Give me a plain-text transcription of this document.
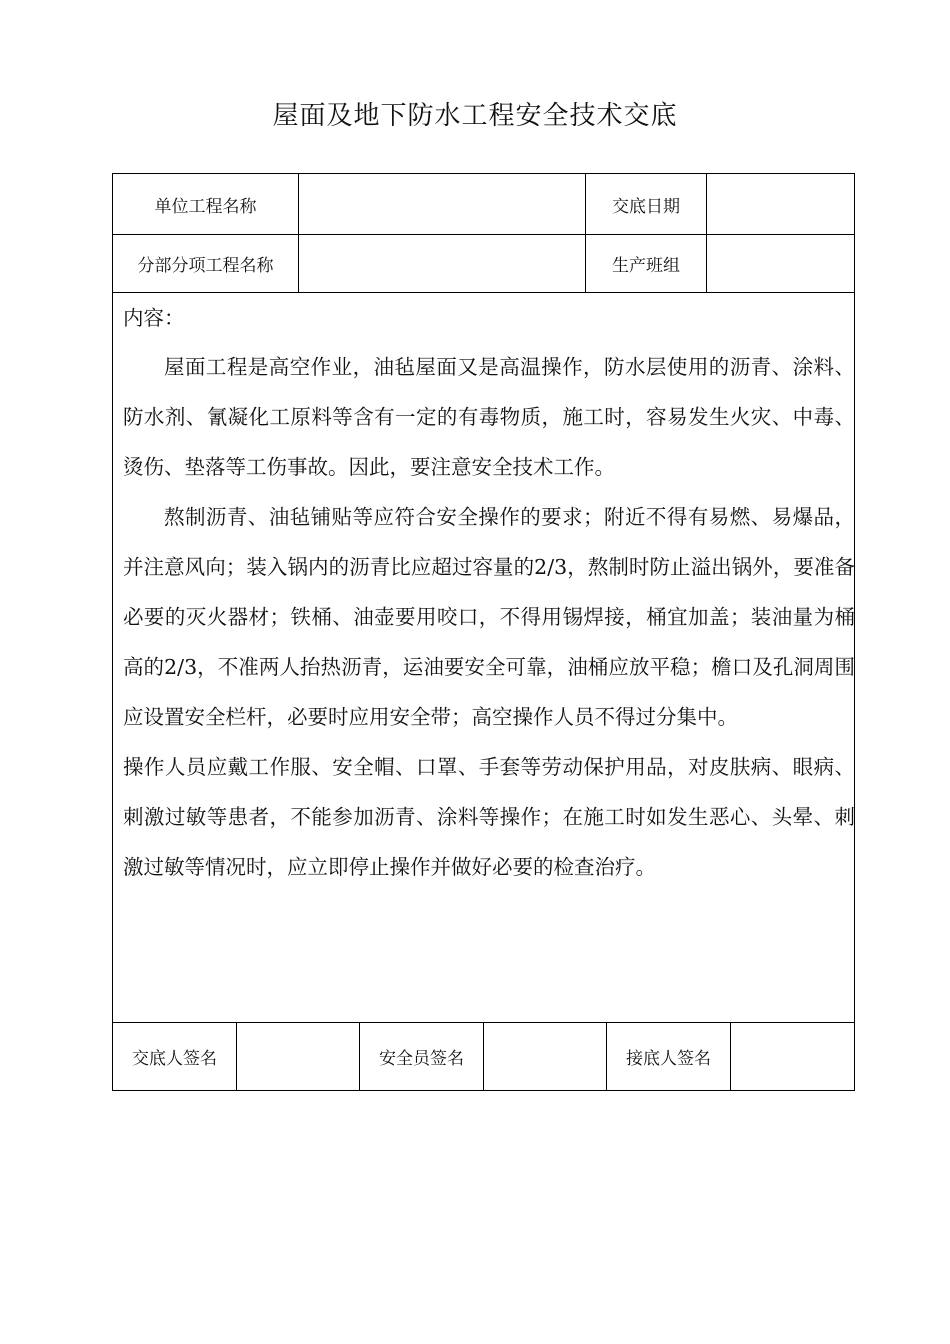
屋面及地下防水工程安全技术交底
单位工程名称	交底日期
分部分项工程名称	生产班组

内容：

屋面工程是高空作业，油毡屋面又是高温操作，防水层使用的沥青、涂料、防水剂、氰凝化工原料等含有一定的有毒物质，施工时，容易发生火灾、中毒、烫伤、垫落等工伤事故。因此，要注意安全技术工作。

熬制沥青、油毡铺贴等应符合安全操作的要求；附近不得有易燃、易爆品，并注意风向；装入锅内的沥青比应超过容量的2/3，熬制时防止溢出锅外，要准备必要的灭火器材；铁桶、油壶要用咬口，不得用锡焊接，桶宜加盖；装油量为桶高的2/3，不准两人抬热沥青，运油要安全可靠，油桶应放平稳；檐口及孔洞周围应设置安全栏杆，必要时应用安全带；高空操作人员不得过分集中。

操作人员应戴工作服、安全帽、口罩、手套等劳动保护用品，对皮肤病、眼病、刺激过敏等患者，不能参加沥青、涂料等操作；在施工时如发生恶心、头晕、刺激过敏等情况时，应立即停止操作并做好必要的检查治疗。

交底人签名	安全员签名	接底人签名
